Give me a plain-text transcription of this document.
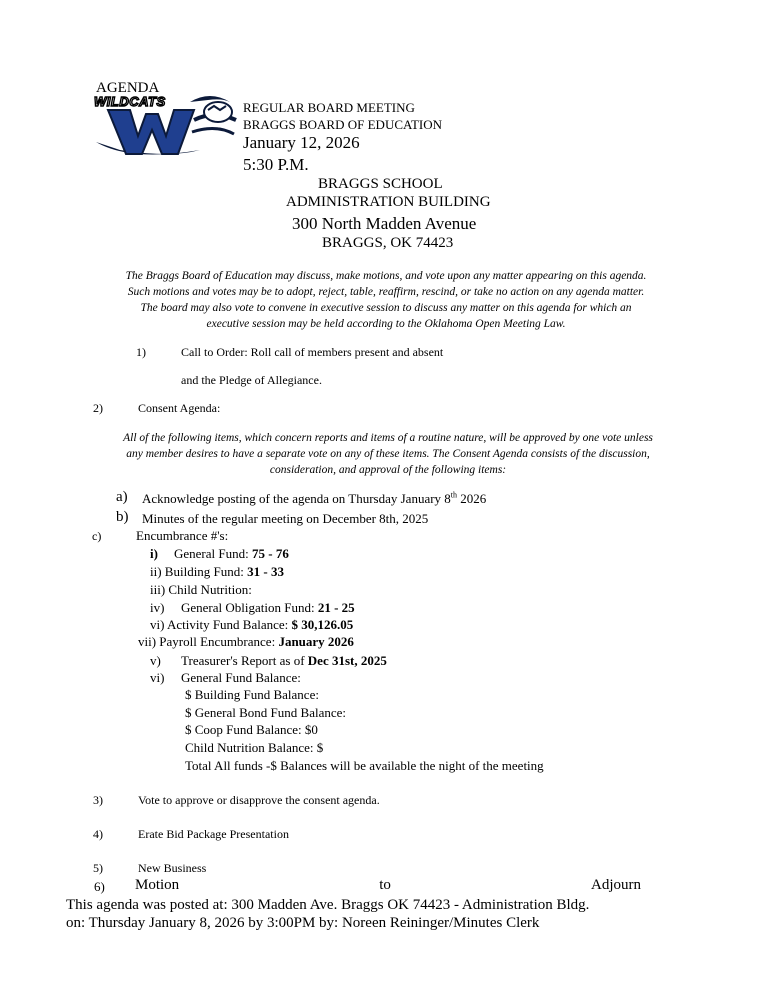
AGENDA
WILDCATS	REGULAR BOARD MEETING
BRAGGS BOARD OF EDUCATION
January 12, 2026
5:30 P.M.
BRAGGS SCHOOL
ADMINISTRATION BUILDING
300 North Madden Avenue
BRAGGS, OK 74423
The Braggs Board of Education may discuss, make motions, and vote upon any matter appearing on this agenda.
Such motions and votes may be to adopt, reject, table, reaffirm, rescind, or take no action on any agenda matter.
The board may also vote to convene in executive session to discuss any matter on this agenda for which an
executive session may be held according to the Oklahoma Open Meeting Law.
1)	Call to Order: Roll call of members present and absent
and the Pledge of Allegiance.
2)	Consent Agenda:
All of the following items, which concern reports and items of a routine nature, will be approved by one vote unless
any member desires to have a separate vote on any of these items. The Consent Agenda consists of the discussion,
consideration, and approval of the following items:
a) Acknowledge posting of the agenda on Thursday January 8th 2026
b) Minutes of the regular meeting on December 8th, 2025
c)	Encumbrance #'s:
i) General Fund: 75 - 76
ii) Building Fund: 31 - 33
iii) Child Nutrition:
iv) General Obligation Fund: 21 - 25
vi) Activity Fund Balance: $ 30,126.05
vii) Payroll Encumbrance: January 2026
v) Treasurer's Report as of Dec 31st, 2025
vi) General Fund Balance:
$ Building Fund Balance:
$ General Bond Fund Balance:
$ Coop Fund Balance: $0
Child Nutrition Balance: $
Total All funds -$ Balances will be available the night of the meeting
3)	Vote to approve or disapprove the consent agenda.
4)	Erate Bid Package Presentation
5)	New Business
6) Motion	to	Adjourn
This agenda was posted at: 300 Madden Ave. Braggs OK 74423 - Administration Bldg.
on: Thursday January 8, 2026 by 3:00PM by: Noreen Reininger/Minutes Clerk
